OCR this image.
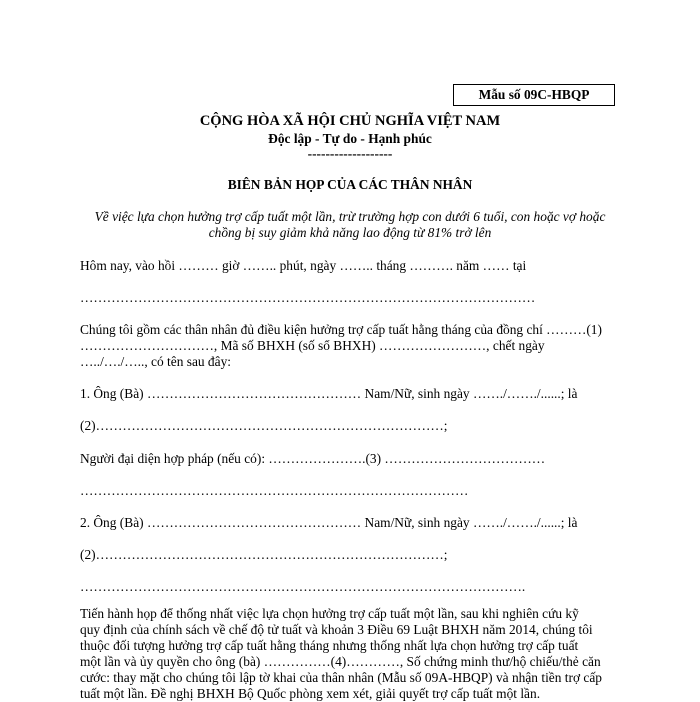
Mẫu số 09C-HBQP
CỘNG HÒA XÃ HỘI CHỦ NGHĨA VIỆT NAM
Độc lập - Tự do - Hạnh phúc
-------------------
BIÊN BẢN HỌP CỦA CÁC THÂN NHÂN
Về việc lựa chọn hưởng trợ cấp tuất một lần, trừ trường hợp con dưới 6 tuổi, con hoặc vợ hoặc
chồng bị suy giảm khả năng lao động từ 81% trở lên
Hôm nay, vào hồi ……… giờ …….. phút, ngày …….. tháng ………. năm …… tại
…………………………………………………………………………………………
Chúng tôi gồm các thân nhân đủ điều kiện hưởng trợ cấp tuất hằng tháng của đồng chí ………(1)
…………………………, Mã số BHXH (số sổ BHXH) ……………………, chết ngày
…../…./….., có tên sau đây:
1. Ông (Bà) ………………………………………… Nam/Nữ, sinh ngày ……./……./......; là
(2)……………………………………………………………………;
Người đại diện hợp pháp (nếu có): ………………….(3) ………………………………
……………………………………………………………………………
2. Ông (Bà) ………………………………………… Nam/Nữ, sinh ngày ……./……./......; là
(2)……………………………………………………………………;
……………………………………………………………………………………….
Tiến hành họp để thống nhất việc lựa chọn hưởng trợ cấp tuất một lần, sau khi nghiên cứu kỹ
quy định của chính sách về chế độ tử tuất và khoản 3 Điều 69 Luật BHXH năm 2014, chúng tôi
thuộc đối tượng hưởng trợ cấp tuất hằng tháng nhưng thống nhất lựa chọn hưởng trợ cấp tuất
một lần và ủy quyền cho ông (bà) ……………(4)…………, Số chứng minh thư/hộ chiếu/thẻ căn
cước: thay mặt cho chúng tôi lập tờ khai của thân nhân (Mẫu số 09A-HBQP) và nhận tiền trợ cấp
tuất một lần. Đề nghị BHXH Bộ Quốc phòng xem xét, giải quyết trợ cấp tuất một lần.
